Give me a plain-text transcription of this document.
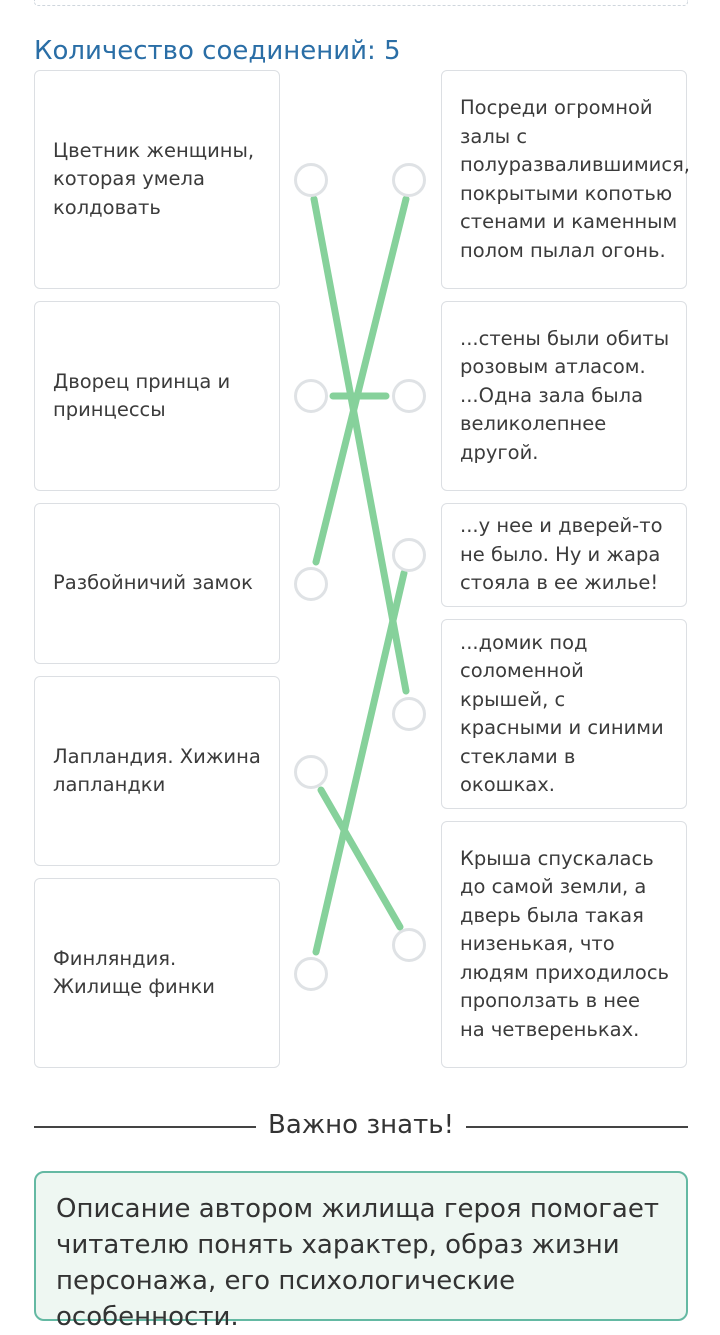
Количество соединений: 5
Цветник женщины, которая умела колдовать
Дворец принца и принцессы
Разбойничий замок
Лапландия. Хижина лапландки
Финляндия. Жилище финки
Посреди огромной залы с полуразвалившимися, покрытыми копотью стенами и каменным полом пылал огонь.
...стены были обиты розовым атласом. ...Одна зала была великолепнее другой.
...у нее и дверей-то не было. Ну и жара стояла в ее жилье!
...домик под соломенной крышей, с красными и синими стеклами в окошках.
Крыша спускалась до самой земли, а дверь была такая низенькая, что людям приходилось проползать в нее на четвереньках.
Важно знать!
Описание автором жилища героя помогает читателю понять характер, образ жизни персонажа, его психологические особенности.
